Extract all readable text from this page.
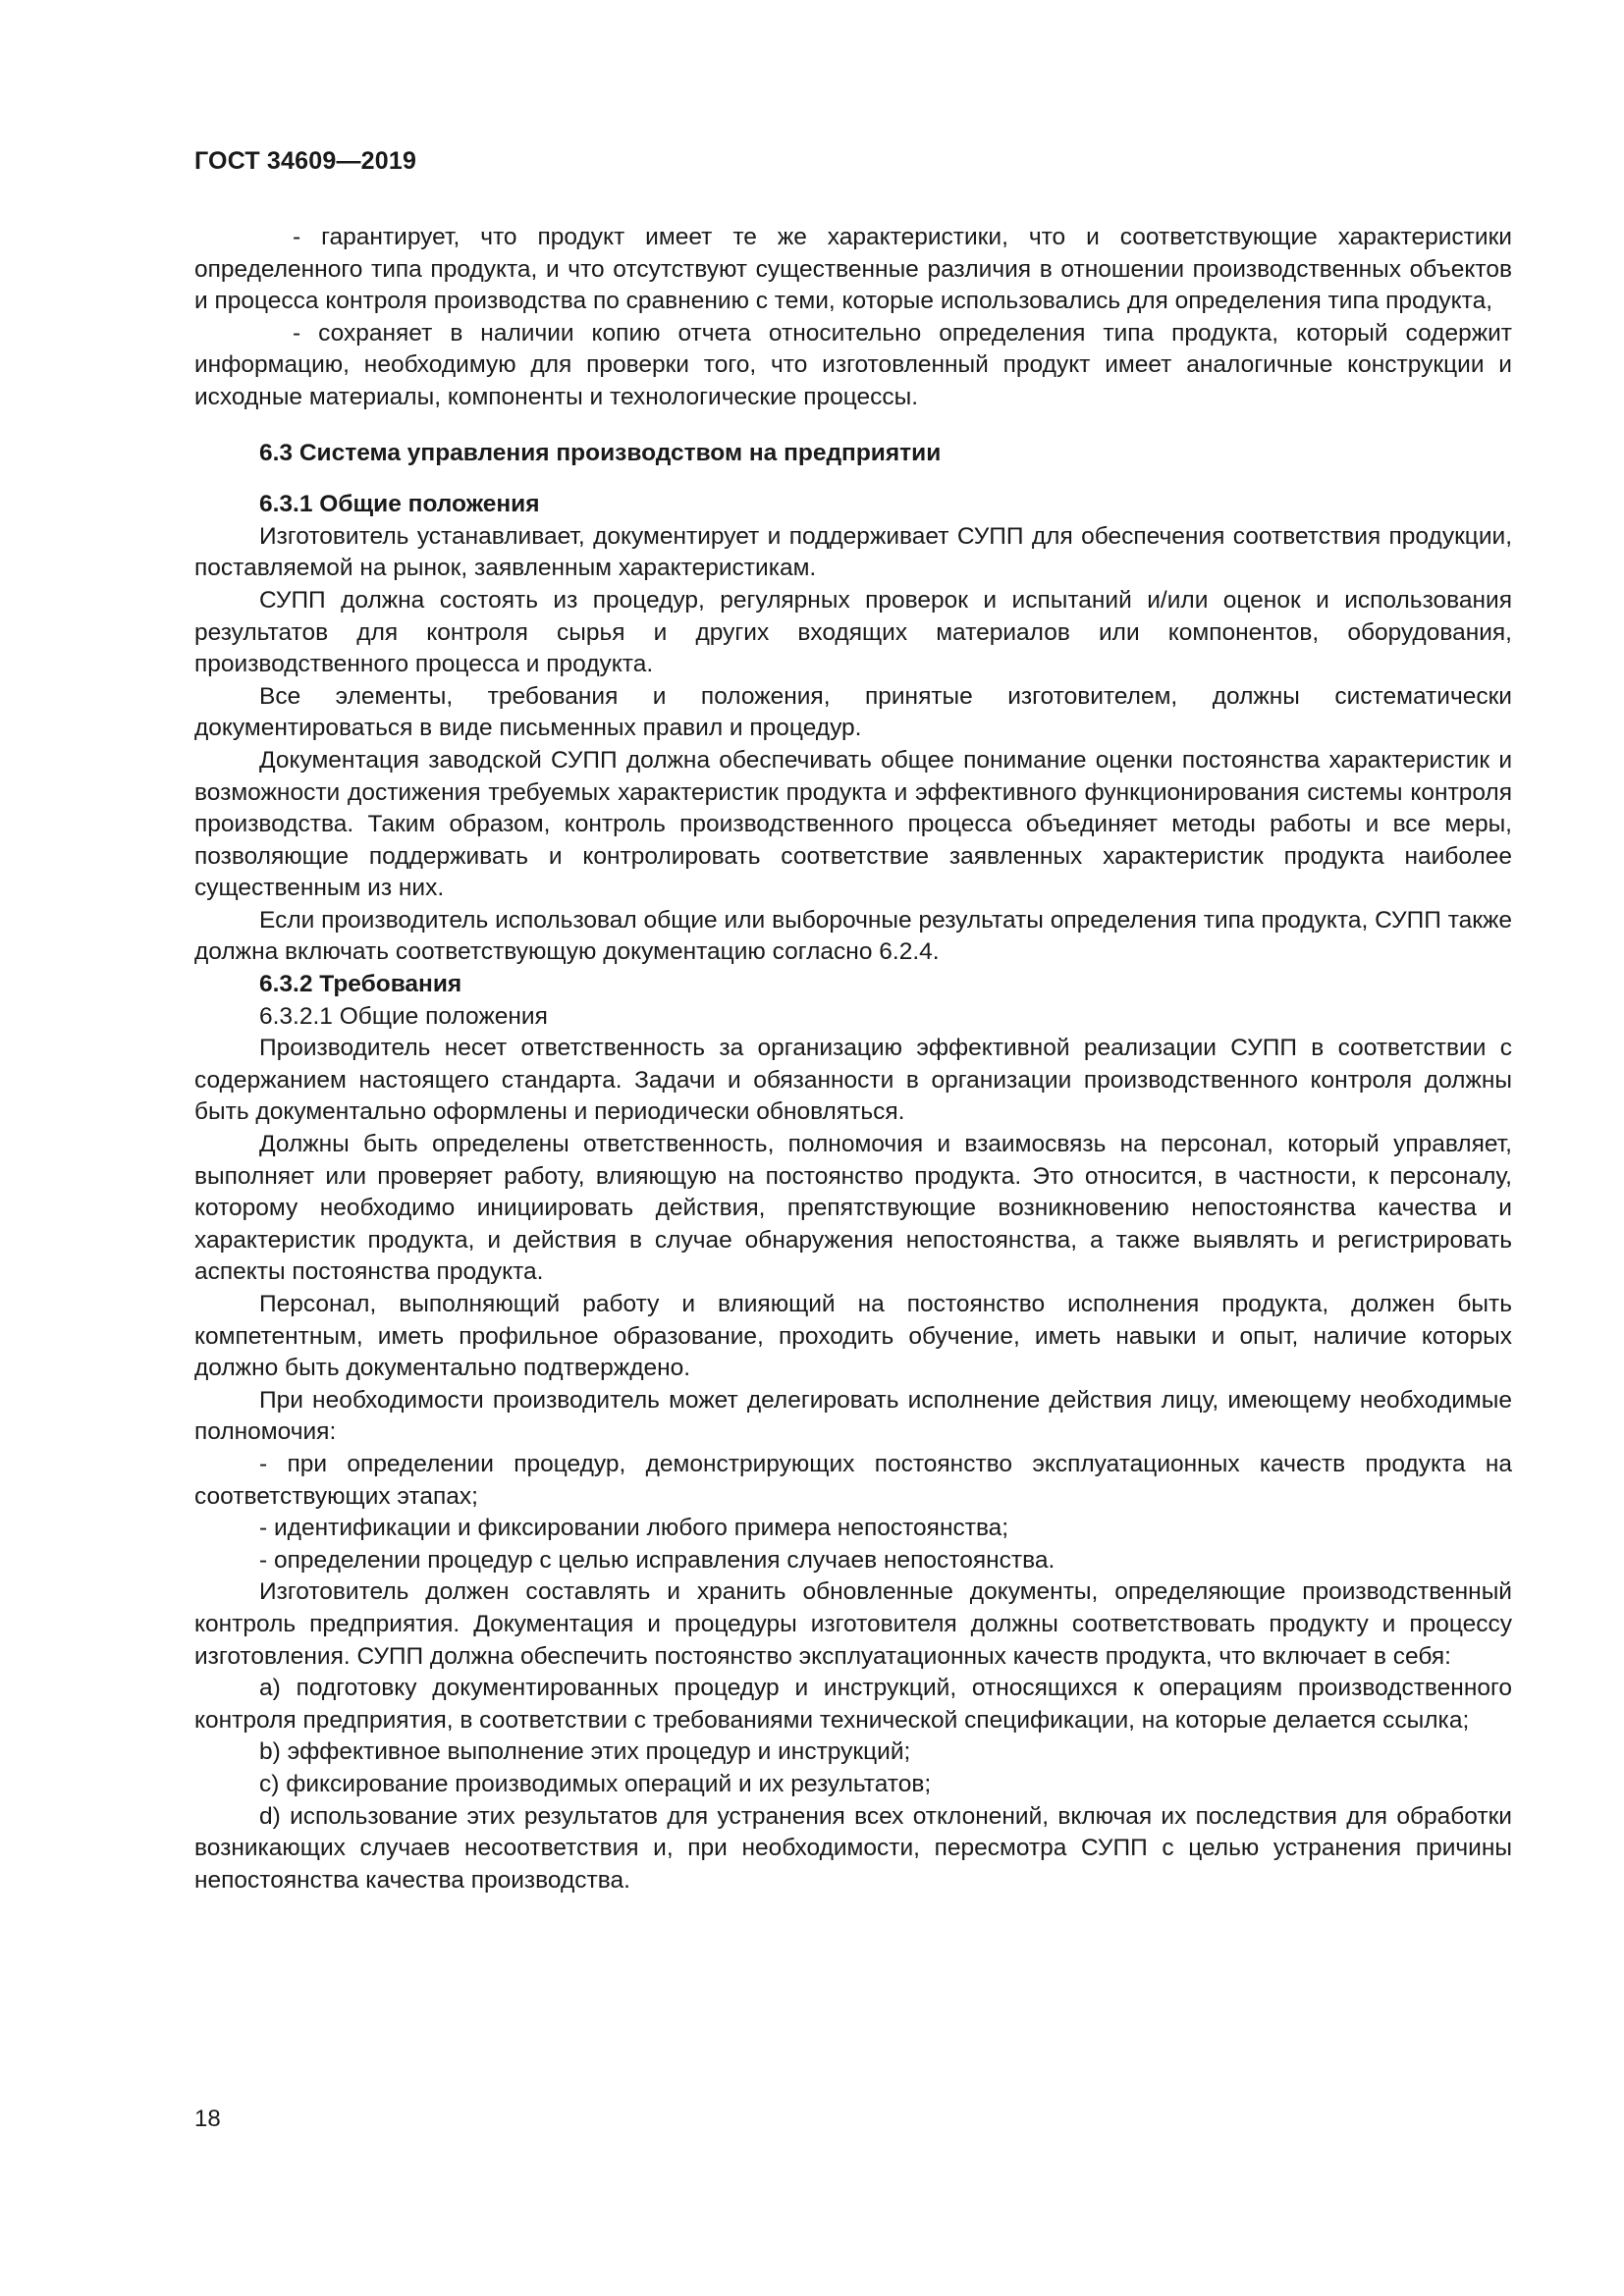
ГОСТ 34609—2019

- гарантирует, что продукт имеет те же характеристики, что и соответствующие характеристики определенного типа продукта, и что отсутствуют существенные различия в отношении производственных объектов и процесса контроля производства по сравнению с теми, которые использовались для определения типа продукта,

- сохраняет в наличии копию отчета относительно определения типа продукта, который содержит информацию, необходимую для проверки того, что изготовленный продукт имеет аналогичные конструкции и исходные материалы, компоненты и технологические процессы.

6.3 Система управления производством на предприятии

6.3.1 Общие положения

Изготовитель устанавливает, документирует и поддерживает СУПП для обеспечения соответствия продукции, поставляемой на рынок, заявленным характеристикам.

СУПП должна состоять из процедур, регулярных проверок и испытаний и/или оценок и использования результатов для контроля сырья и других входящих материалов или компонентов, оборудования, производственного процесса и продукта.

Все элементы, требования и положения, принятые изготовителем, должны систематически документироваться в виде письменных правил и процедур.

Документация заводской СУПП должна обеспечивать общее понимание оценки постоянства характеристик и возможности достижения требуемых характеристик продукта и эффективного функционирования системы контроля производства. Таким образом, контроль производственного процесса объединяет методы работы и все меры, позволяющие поддерживать и контролировать соответствие заявленных характеристик продукта наиболее существенным из них.

Если производитель использовал общие или выборочные результаты определения типа продукта, СУПП также должна включать соответствующую документацию согласно 6.2.4.

6.3.2 Требования

6.3.2.1 Общие положения

Производитель несет ответственность за организацию эффективной реализации СУПП в соответствии с содержанием настоящего стандарта. Задачи и обязанности в организации производственного контроля должны быть документально оформлены и периодически обновляться.

Должны быть определены ответственность, полномочия и взаимосвязь на персонал, который управляет, выполняет или проверяет работу, влияющую на постоянство продукта. Это относится, в частности, к персоналу, которому необходимо инициировать действия, препятствующие возникновению непостоянства качества и характеристик продукта, и действия в случае обнаружения непостоянства, а также выявлять и регистрировать аспекты постоянства продукта.

Персонал, выполняющий работу и влияющий на постоянство исполнения продукта, должен быть компетентным, иметь профильное образование, проходить обучение, иметь навыки и опыт, наличие которых должно быть документально подтверждено.

При необходимости производитель может делегировать исполнение действия лицу, имеющему необходимые полномочия:

- при определении процедур, демонстрирующих постоянство эксплуатационных качеств продукта на соответствующих этапах;

- идентификации и фиксировании любого примера непостоянства;

- определении процедур с целью исправления случаев непостоянства.

Изготовитель должен составлять и хранить обновленные документы, определяющие производственный контроль предприятия. Документация и процедуры изготовителя должны соответствовать продукту и процессу изготовления. СУПП должна обеспечить постоянство эксплуатационных качеств продукта, что включает в себя:

а) подготовку документированных процедур и инструкций, относящихся к операциям производственного контроля предприятия, в соответствии с требованиями технической спецификации, на которые делается ссылка;

b) эффективное выполнение этих процедур и инструкций;

с) фиксирование производимых операций и их результатов;

d) использование этих результатов для устранения всех отклонений, включая их последствия для обработки возникающих случаев несоответствия и, при необходимости, пересмотра СУПП с целью устранения причины непостоянства качества производства.

18
